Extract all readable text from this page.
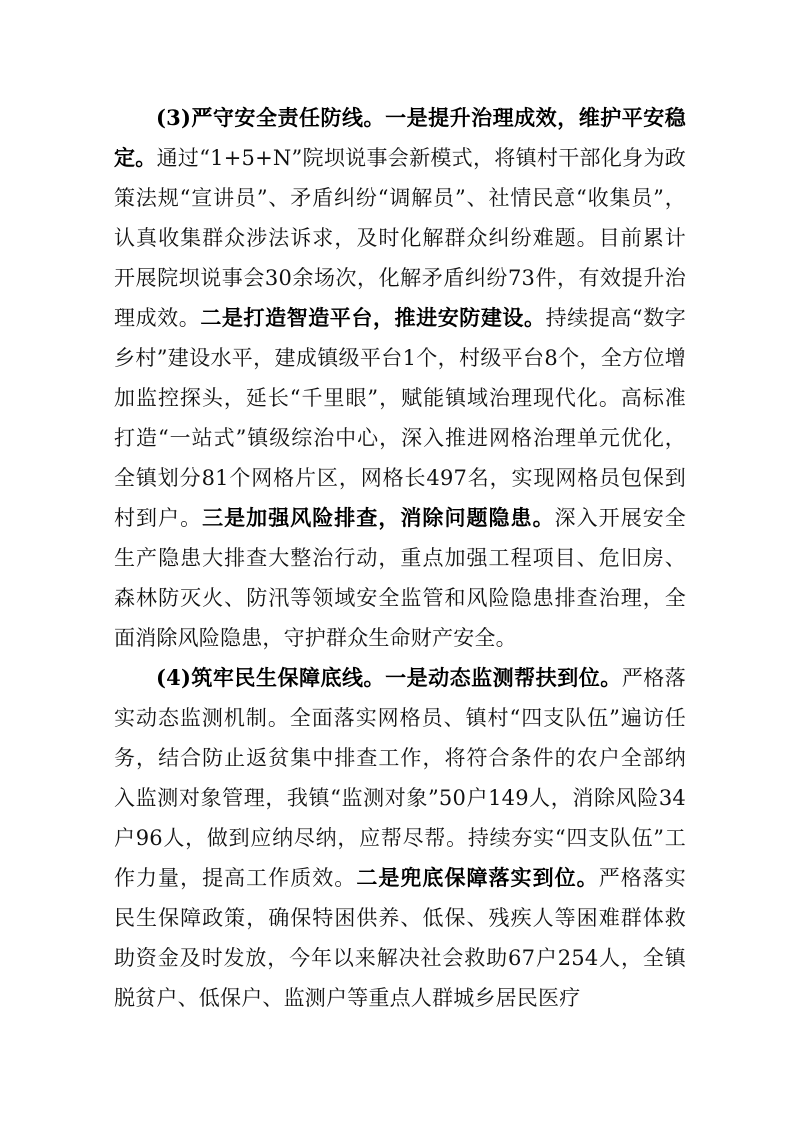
(3)严守安全责任防线。一是提升治理成效，维护平安稳定。通过“1+5+N”院坝说事会新模式，将镇村干部化身为政策法规“宣讲员”、矛盾纠纷“调解员”、社情民意“收集员”，认真收集群众涉法诉求，及时化解群众纠纷难题。目前累计开展院坝说事会30余场次，化解矛盾纠纷73件，有效提升治理成效。二是打造智造平台，推进安防建设。持续提高“数字乡村”建设水平，建成镇级平台1个，村级平台8个，全方位增加监控探头，延长“千里眼”，赋能镇域治理现代化。高标准打造“一站式”镇级综治中心，深入推进网格治理单元优化，全镇划分81个网格片区，网格长497名，实现网格员包保到村到户。三是加强风险排查，消除问题隐患。深入开展安全生产隐患大排查大整治行动，重点加强工程项目、危旧房、森林防灭火、防汛等领域安全监管和风险隐患排查治理，全面消除风险隐患，守护群众生命财产安全。

(4)筑牢民生保障底线。一是动态监测帮扶到位。严格落实动态监测机制。全面落实网格员、镇村“四支队伍”遍访任务，结合防止返贫集中排查工作，将符合条件的农户全部纳入监测对象管理，我镇“监测对象”50户149人，消除风险34户96人，做到应纳尽纳，应帮尽帮。持续夯实“四支队伍”工作力量，提高工作质效。二是兜底保障落实到位。严格落实民生保障政策，确保特困供养、低保、残疾人等困难群体救助资金及时发放，今年以来解决社会救助67户254人，全镇脱贫户、低保户、监测户等重点人群城乡居民医疗
